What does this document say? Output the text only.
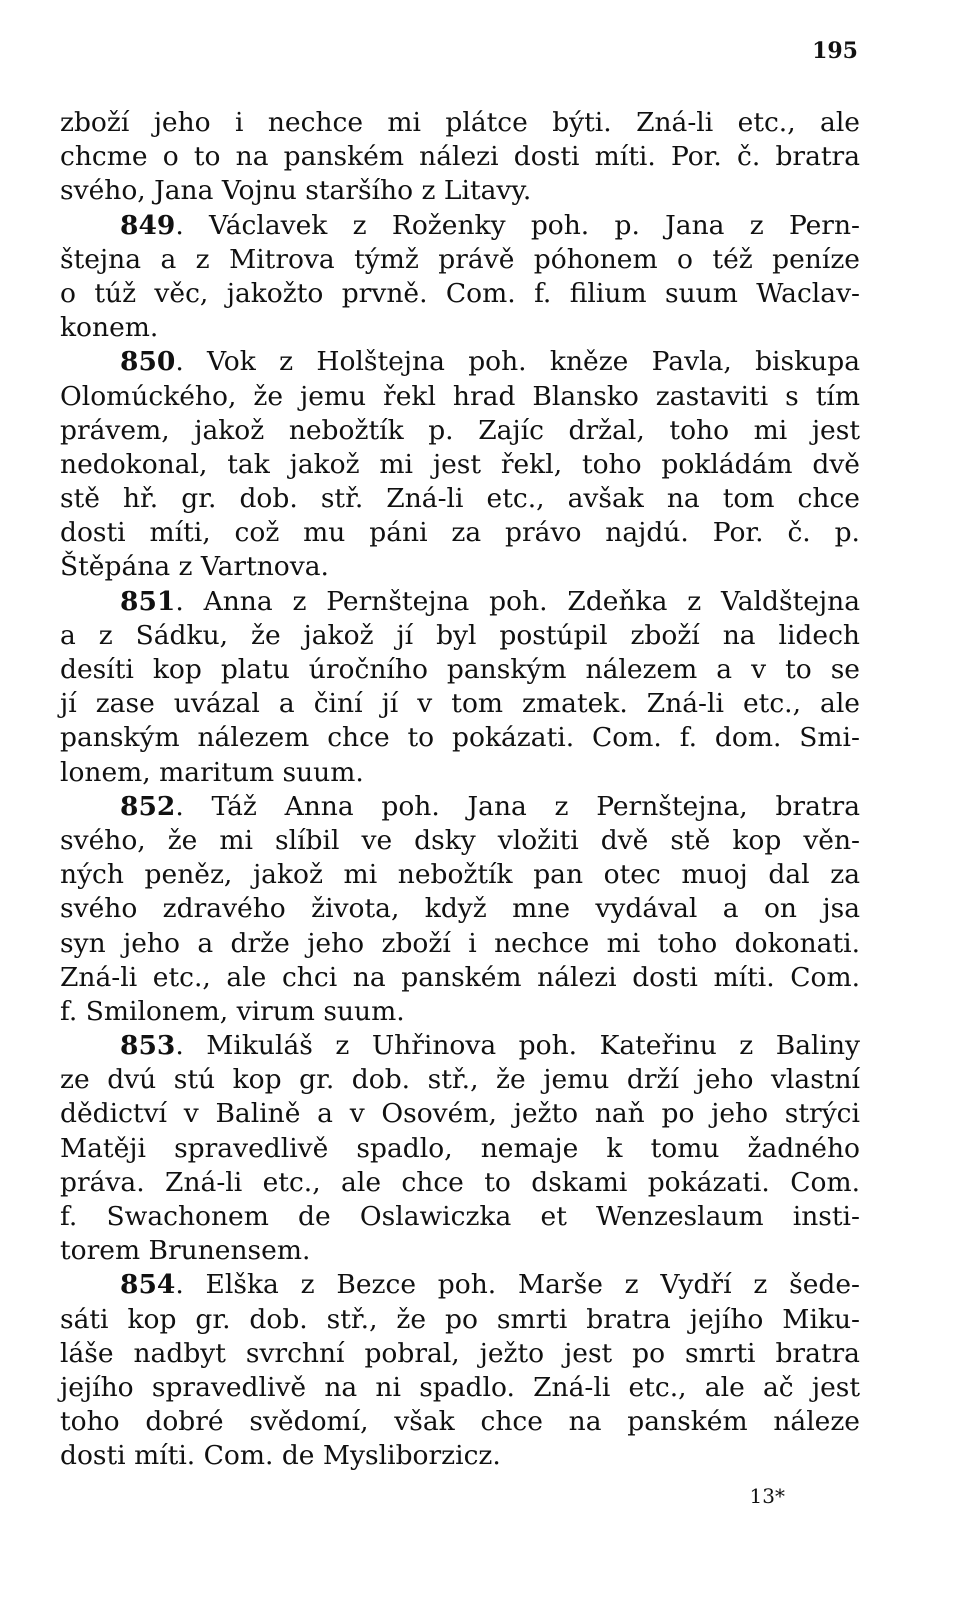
195
zboží jeho i nechce mi plátce býti. Zná-li etc., ale
chcme o to na panském nálezi dosti míti. Por. č. bratra
svého, Jana Vojnu staršího z Litavy.
849. Václavek z Roženky poh. p. Jana z Pern-
štejna a z Mitrova týmž právě póhonem o též peníze
o túž věc, jakožto prvně. Com. f. filium suum Waclav-
konem.
850. Vok z Holštejna poh. kněze Pavla, biskupa
Olomúckého, že jemu řekl hrad Blansko zastaviti s tím
právem, jakož nebožtík p. Zajíc držal, toho mi jest
nedokonal, tak jakož mi jest řekl, toho pokládám dvě
stě hř. gr. dob. stř. Zná-li etc., avšak na tom chce
dosti míti, což mu páni za právo najdú. Por. č. p.
Štěpána z Vartnova.
851. Anna z Pernštejna poh. Zdeňka z Valdštejna
a z Sádku, že jakož jí byl postúpil zboží na lidech
desíti kop platu úročního panským nálezem a v to se
jí zase uvázal a činí jí v tom zmatek. Zná-li etc., ale
panským nálezem chce to pokázati. Com. f. dom. Smi-
lonem, maritum suum.
852. Táž Anna poh. Jana z Pernštejna, bratra
svého, že mi slíbil ve dsky vložiti dvě stě kop věn-
ných peněz, jakož mi nebožtík pan otec muoj dal za
svého zdravého života, když mne vydával a on jsa
syn jeho a drže jeho zboží i nechce mi toho dokonati.
Zná-li etc., ale chci na panském nálezi dosti míti. Com.
f. Smilonem, virum suum.
853. Mikuláš z Uhřinova poh. Kateřinu z Baliny
ze dvú stú kop gr. dob. stř., že jemu drží jeho vlastní
dědictví v Balině a v Osovém, ježto naň po jeho strýci
Matěji spravedlivě spadlo, nemaje k tomu žadného
práva. Zná-li etc., ale chce to dskami pokázati. Com.
f. Swachonem de Oslawiczka et Wenzeslaum insti-
torem Brunensem.
854. Elška z Bezce poh. Marše z Vydří z šede-
sáti kop gr. dob. stř., že po smrti bratra jejího Miku-
láše nadbyt svrchní pobral, ježto jest po smrti bratra
jejího spravedlivě na ni spadlo. Zná-li etc., ale ač jest
toho dobré svědomí, však chce na panském náleze
dosti míti. Com. de Mysliborzicz.
13*
